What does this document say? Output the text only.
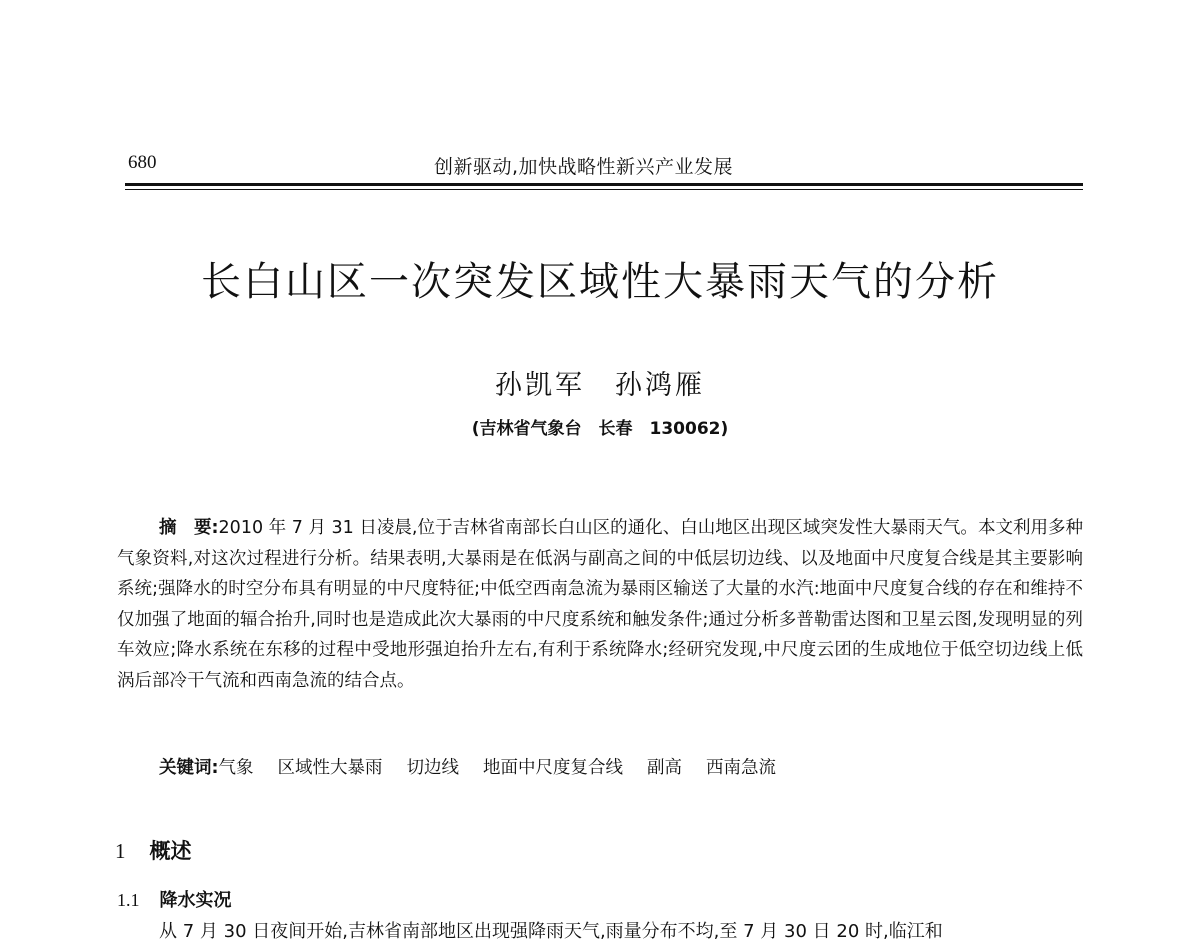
680	创新驱动,加快战略性新兴产业发展
长白山区一次突发区域性大暴雨天气的分析
孙凯军 孙鸿雁
(吉林省气象台　长春　130062)

摘　要:2010 年 7 月 31 日凌晨,位于吉林省南部长白山区的通化、白山地区出现区域突发性大暴雨天气。本文利用多种气象资料,对这次过程进行分析。结果表明,大暴雨是在低涡与副高之间的中低层切边线、以及地面中尺度复合线是其主要影响系统;强降水的时空分布具有明显的中尺度特征;中低空西南急流为暴雨区输送了大量的水汽:地面中尺度复合线的存在和维持不仅加强了地面的辐合抬升,同时也是造成此次大暴雨的中尺度系统和触发条件;通过分析多普勒雷达图和卫星云图,发现明显的列车效应;降水系统在东移的过程中受地形强迫抬升左右,有利于系统降水;经研究发现,中尺度云团的生成地位于低空切边线上低涡后部冷干气流和西南急流的结合点。

关键词:气象 区域性大暴雨 切边线 地面中尺度复合线 副高 西南急流
1 概述
1.1 降水实况
从 7 月 30 日夜间开始,吉林省南部地区出现强降雨天气,雨量分布不均,至 7 月 30 日 20 时,临江和
